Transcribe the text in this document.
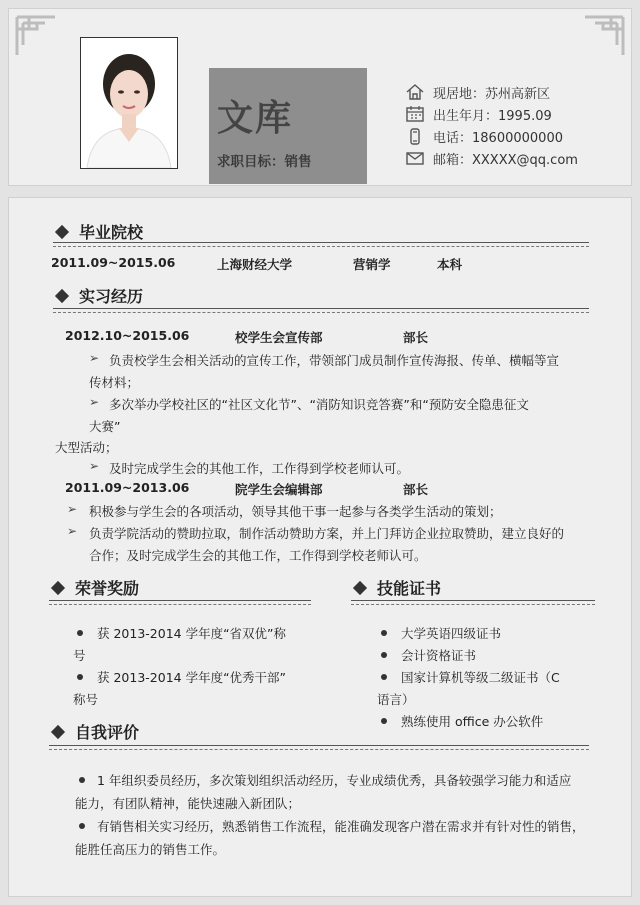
文库
求职目标：销售
现居地：苏州高新区
出生年月：1995.09
电话：18600000000
邮箱：XXXXX@qq.com
毕业院校
2011.09~2015.06	上海财经大学	营销学	本科
实习经历
2012.10~2015.06	校学生会宣传部	部长
➢ 负责校学生会相关活动的宣传工作，带领部门成员制作宣传海报、传单、横幅等宣
传材料；
➢ 多次举办学校社区的“社区文化节”、“消防知识竞答赛”和“预防安全隐患征文
大赛”
大型活动；
➢ 及时完成学生会的其他工作，工作得到学校老师认可。
2011.09~2013.06	院学生会编辑部	部长
➢ 积极参与学生会的各项活动，领导其他干事一起参与各类学生活动的策划；
➢ 负责学院活动的赞助拉取，制作活动赞助方案，并上门拜访企业拉取赞助，建立良好的
合作；及时完成学生会的其他工作，工作得到学校老师认可。
荣誉奖励
获 2013-2014 学年度“省双优”称
号
获 2013-2014 学年度“优秀干部”
称号
技能证书
大学英语四级证书
会计资格证书
国家计算机等级二级证书（C
语言）
熟练使用 office 办公软件
自我评价
1 年组织委员经历，多次策划组织活动经历，专业成绩优秀，具备较强学习能力和适应
能力，有团队精神，能快速融入新团队；
有销售相关实习经历，熟悉销售工作流程，能准确发现客户潜在需求并有针对性的销售，
能胜任高压力的销售工作。
